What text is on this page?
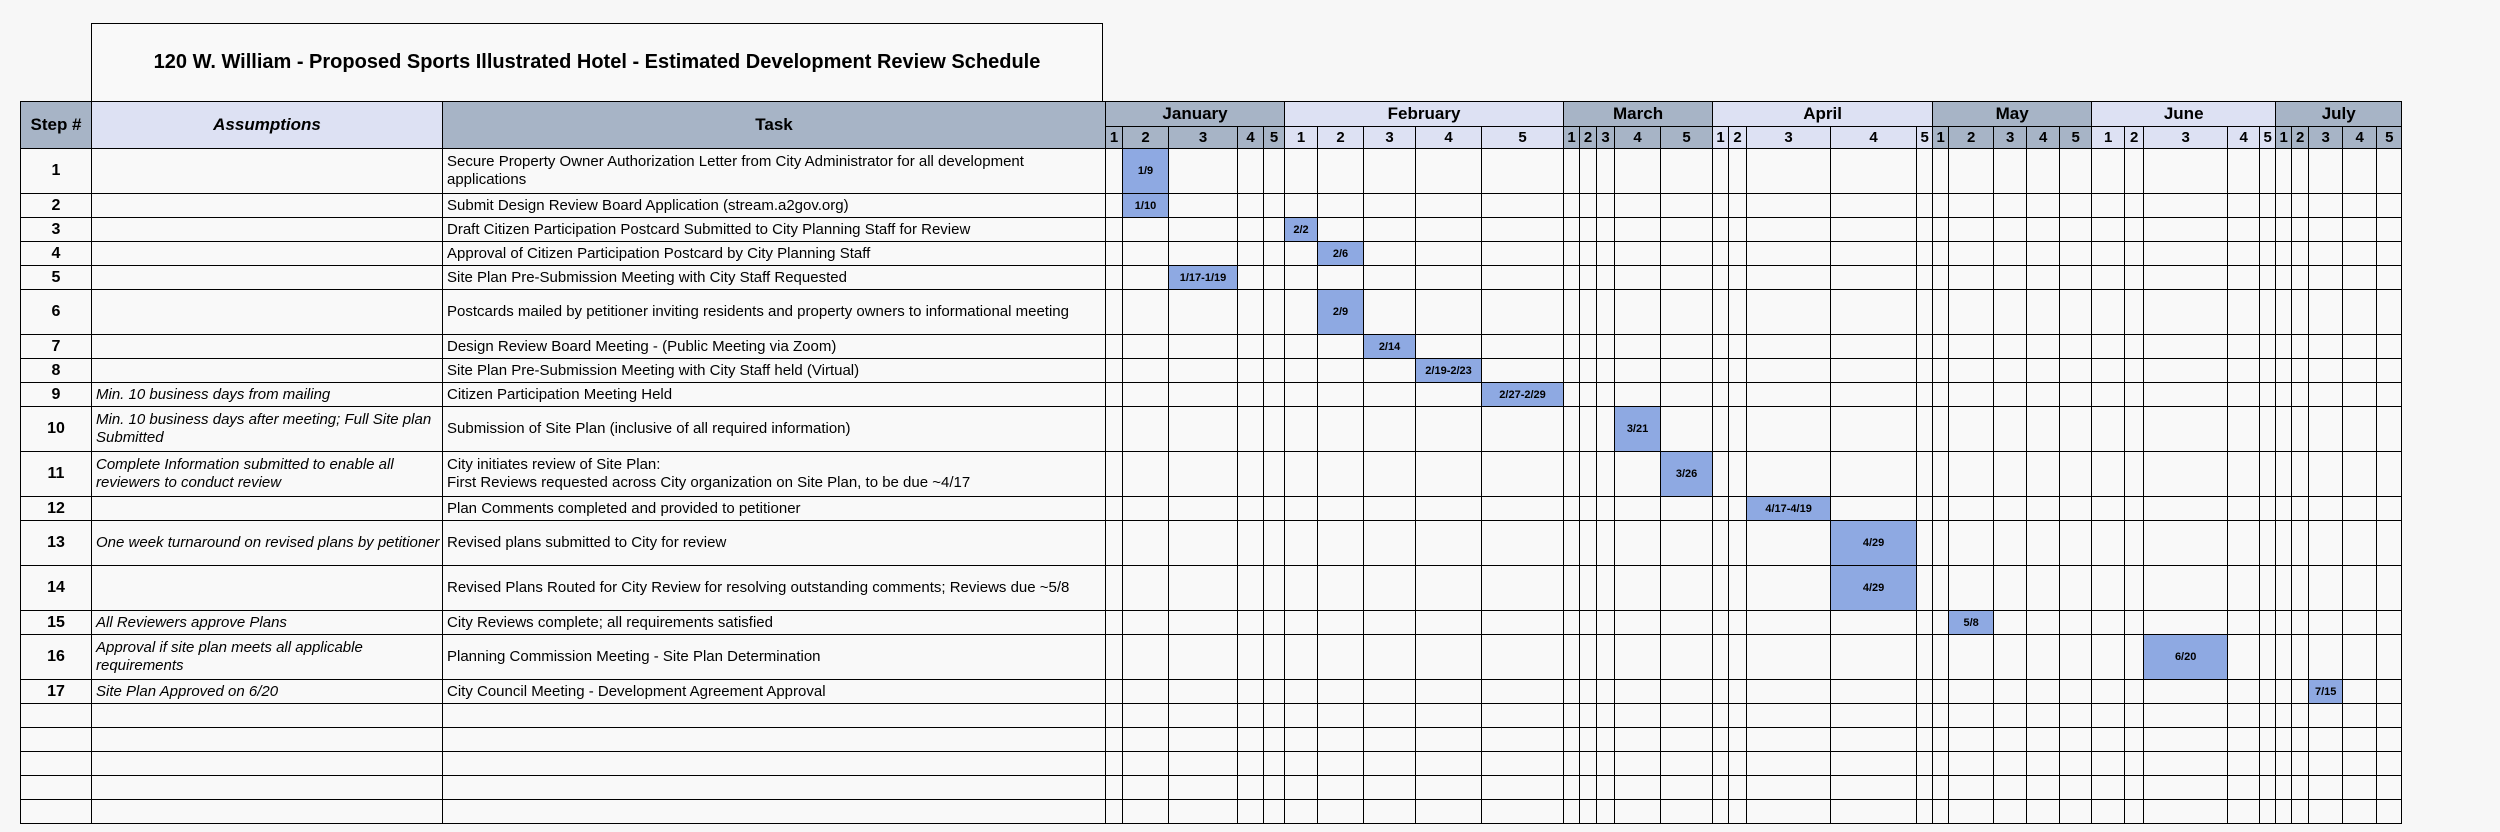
120 W. William - Proposed Sports Illustrated Hotel - Estimated Development Review Schedule
Step #	Assumptions	Task	January					February					March					April					May					June					July				
			1	2	3	4	5	1	2	3	4	5	1	2	3	4	5	1	2	3	4	5	1	2	3	4	5	1	2	3	4	5	1	2	3	4	5
1		Secure Property Owner Authorization Letter from City Administrator for all development applications		1/9																																	
2		Submit Design Review Board Application (stream.a2gov.org)		1/10																																	
3		Draft Citizen Participation Postcard Submitted to City Planning Staff for Review						2/2																													
4		Approval of Citizen Participation Postcard by City Planning Staff							2/6																												
5		Site Plan Pre-Submission Meeting with City Staff Requested			1/17-1/19																																
6		Postcards mailed by petitioner inviting residents and property owners to informational meeting							2/9																												
7		Design Review Board Meeting - (Public Meeting via Zoom)								2/14																											
8		Site Plan Pre-Submission Meeting with City Staff held (Virtual)									2/19-2/23																										
9	Min. 10 business days from mailing	Citizen Participation Meeting Held										2/27-2/29																									
10	Min. 10 business days after meeting; Full Site plan Submitted	Submission of Site Plan (inclusive of all required information)														3/21																					
11	Complete Information submitted to enable all reviewers to conduct review	City initiates review of Site Plan:
First Reviews requested across City organization on Site Plan, to be due ~4/17															3/26																				
12		Plan Comments completed and provided to petitioner																		4/17-4/19																	
13	One week turnaround on revised plans by petitioner	Revised plans submitted to City for review																			4/29																
14		Revised Plans Routed for City Review for resolving outstanding comments; Reviews due ~5/8																			4/29																
15	All Reviewers approve Plans	City Reviews complete; all requirements satisfied																						5/8													
16	Approval if site plan meets all applicable requirements	Planning Commission Meeting - Site Plan Determination																												6/20							
17	Site Plan Approved on 6/20	City Council Meeting - Development Agreement Approval																																	7/15		
